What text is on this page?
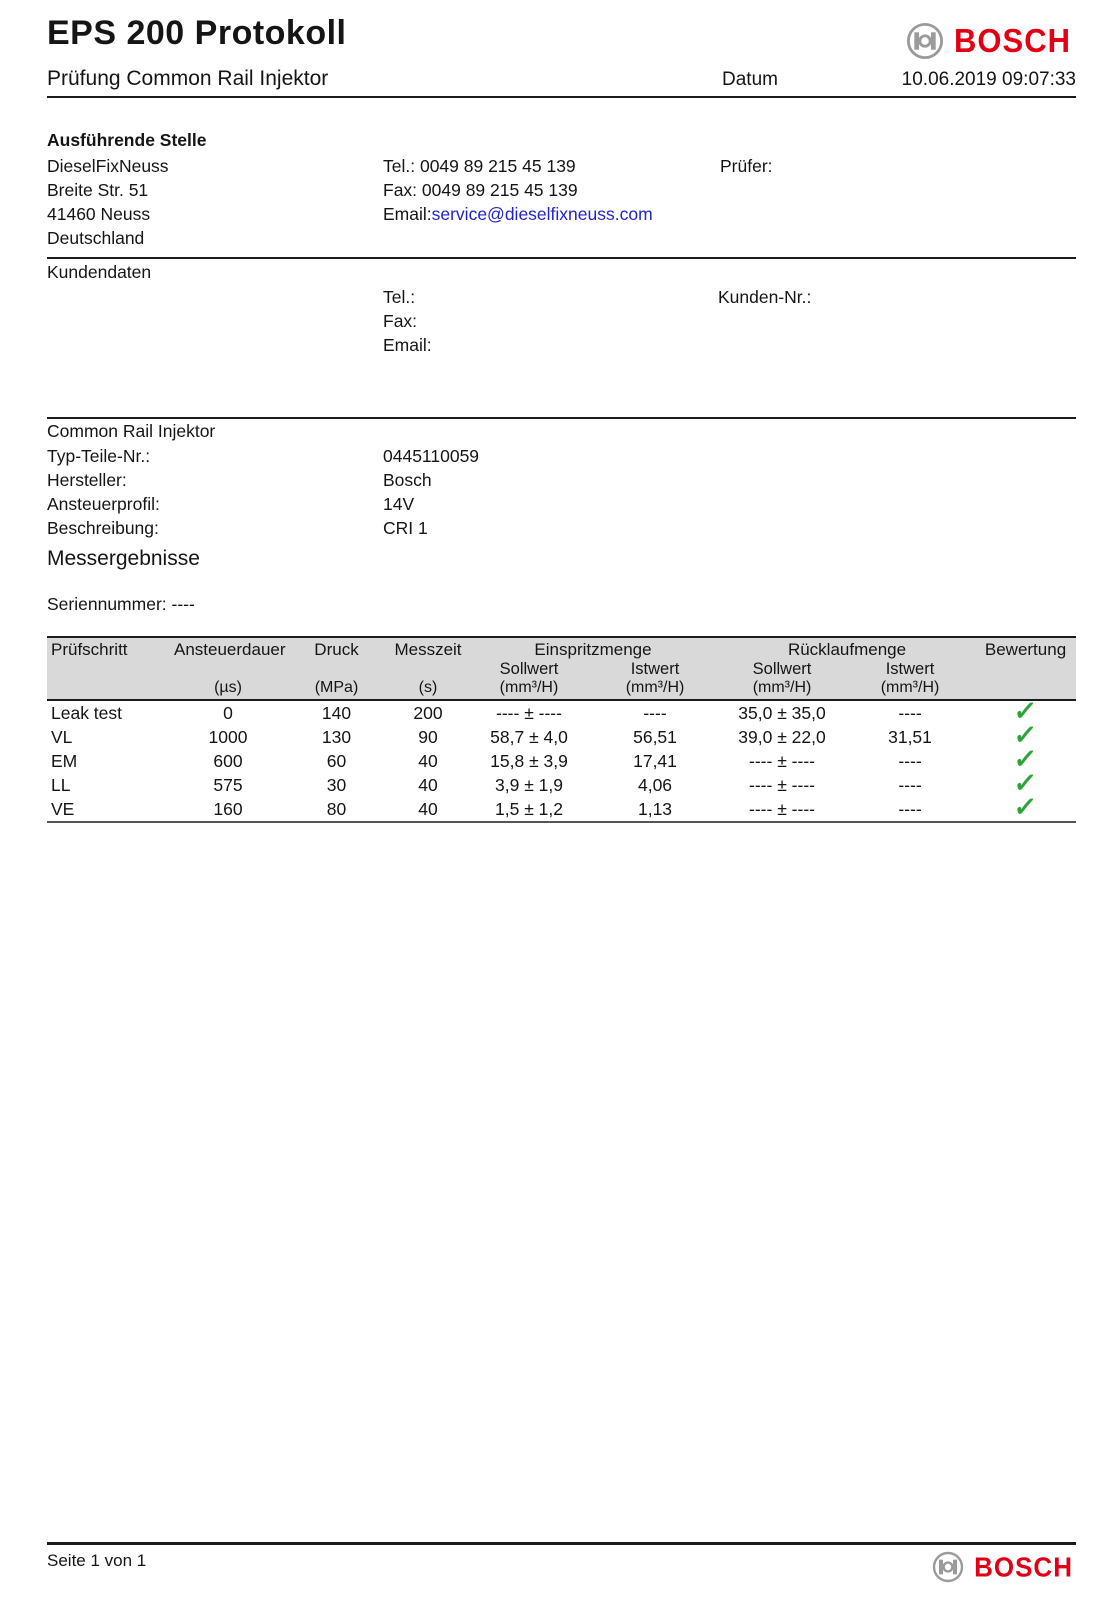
EPS 200 Protokoll	BOSCH
Prüfung Common Rail Injektor	Datum	10.06.2019 09:07:33
Ausführende Stelle
DieselFixNeuss
Breite Str. 51
41460 Neuss
Deutschland
Tel.: 0049 89 215 45 139
Fax: 0049 89 215 45 139
Email:service@dieselfixneuss.com
Prüfer:
Kundendaten
Tel.:
Fax:
Email:
Kunden-Nr.:
Common Rail Injektor
Typ-Teile-Nr.:	0445110059
Hersteller:	Bosch
Ansteuerprofil:	14V
Beschreibung:	CRI 1
Messergebnisse
Seriennummer: ----
Prüfschritt	Ansteuerdauer	Druck	Messzeit	Einspritzmenge		Rücklaufmenge		Bewertung
				Sollwert	Istwert	Sollwert	Istwert	
	(µs)	(MPa)	(s)	(mm³/H)	(mm³/H)	(mm³/H)	(mm³/H)	
Leak test	0	140	200	---- ± ----	----	35,0 ± 35,0	----	✓
VL	1000	130	90	58,7 ± 4,0	56,51	39,0 ± 22,0	31,51	✓
EM	600	60	40	15,8 ± 3,9	17,41	---- ± ----	----	✓
LL	575	30	40	3,9 ± 1,9	4,06	---- ± ----	----	✓
VE	160	80	40	1,5 ± 1,2	1,13	---- ± ----	----	✓
Seite 1 von 1	BOSCH
